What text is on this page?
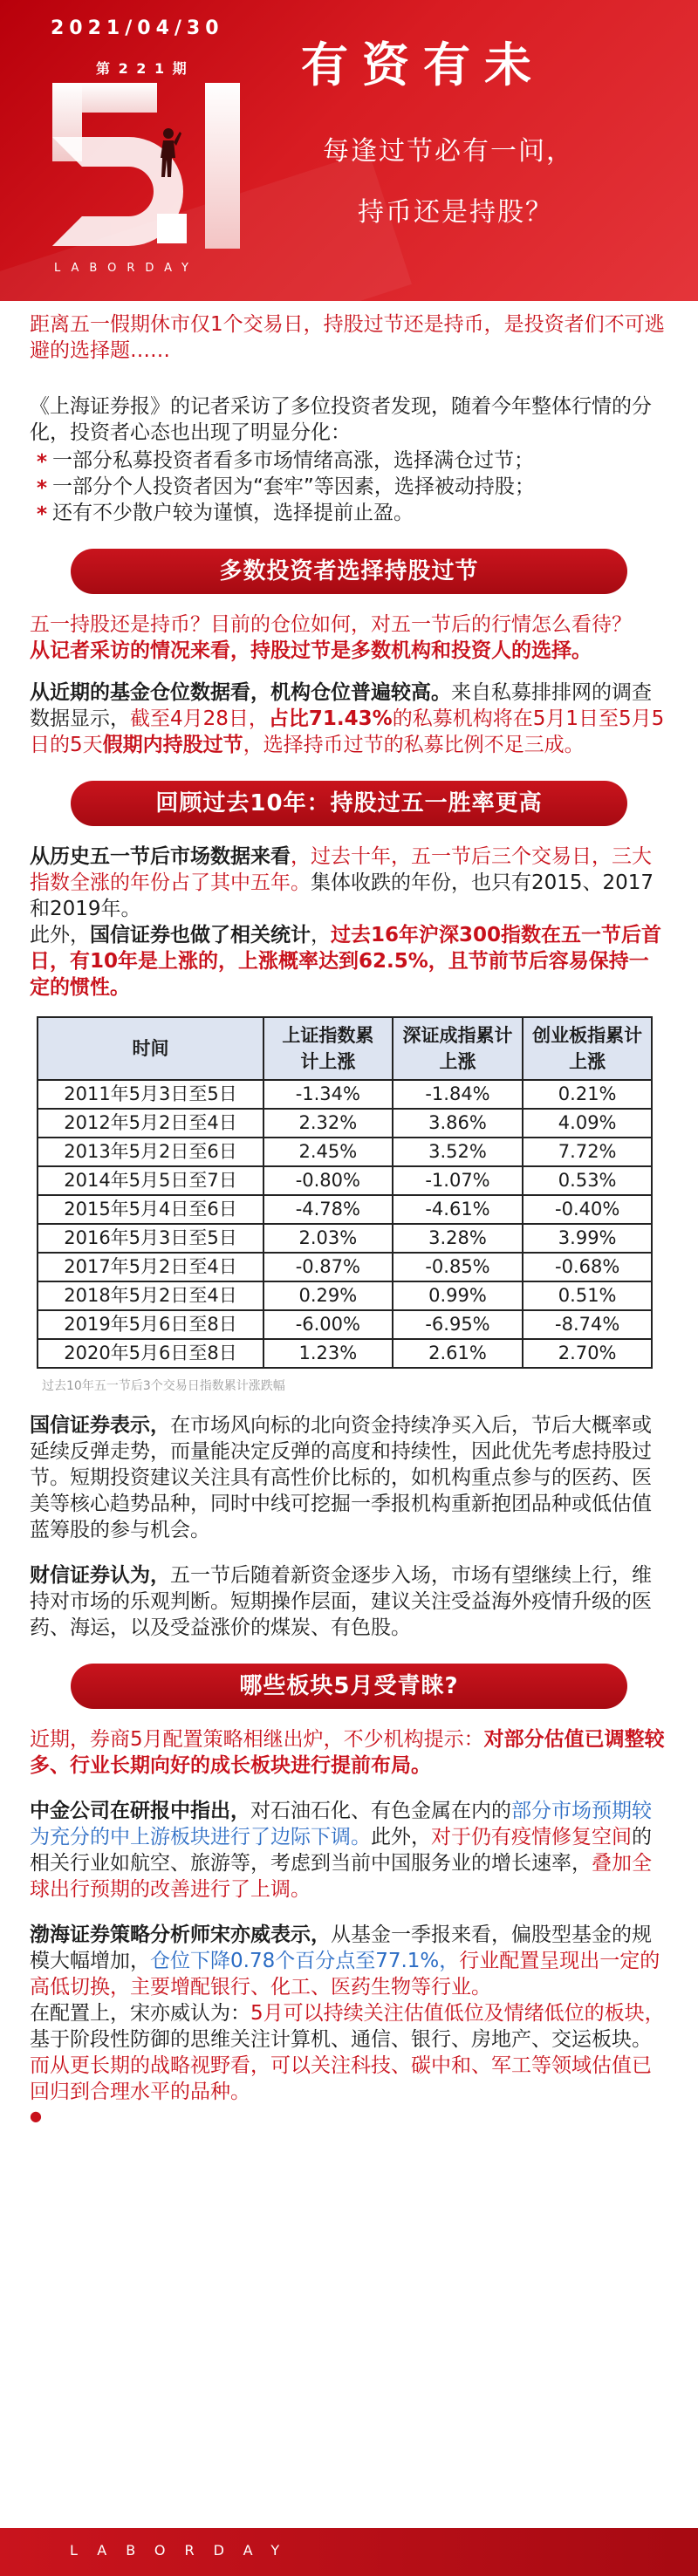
2021/04/30
第 2 2 1 期
LABORDAY
有资有未
每逢过节必有一问，
持币还是持股？

距离五一假期休市仅1个交易日，持股过节还是持币，是投资者们不可逃避的选择题……

《上海证券报》的记者采访了多位投资者发现，随着今年整体行情的分化，投资者心态也出现了明显分化：

* 一部分私募投资者看多市场情绪高涨，选择满仓过节；
* 一部分个人投资者因为“套牢”等因素，选择被动持股；
* 还有不少散户较为谨慎，选择提前止盈。
多数投资者选择持股过节

五一持股还是持币？目前的仓位如何，对五一节后的行情怎么看待？

从记者采访的情况来看，持股过节是多数机构和投资人的选择。

从近期的基金仓位数据看，机构仓位普遍较高。来自私募排排网的调查数据显示，截至4月28日，占比71.43%的私募机构将在5月1日至5月5日的5天假期内持股过节，选择持币过节的私募比例不足三成。

回顾过去10年：持股过五一胜率更高

从历史五一节后市场数据来看，过去十年，五一节后三个交易日，三大指数全涨的年份占了其中五年。集体收跌的年份，也只有2015、2017和2019年。

此外，国信证券也做了相关统计，过去16年沪深300指数在五一节后首日，有10年是上涨的，上涨概率达到62.5%，且节前节后容易保持一定的惯性。

时间	上证指数累计上涨	深证成指累计上涨	创业板指累计上涨
2011年5月3日至5日	-1.34%	-1.84%	0.21%
2012年5月2日至4日	2.32%	3.86%	4.09%
2013年5月2日至6日	2.45%	3.52%	7.72%
2014年5月5日至7日	-0.80%	-1.07%	0.53%
2015年5月4日至6日	-4.78%	-4.61%	-0.40%
2016年5月3日至5日	2.03%	3.28%	3.99%
2017年5月2日至4日	-0.87%	-0.85%	-0.68%
2018年5月2日至4日	0.29%	0.99%	0.51%
2019年5月6日至8日	-6.00%	-6.95%	-8.74%
2020年5月6日至8日	1.23%	2.61%	2.70%
过去10年五一节后3个交易日指数累计涨跌幅

国信证券表示，在市场风向标的北向资金持续净买入后，节后大概率或延续反弹走势，而量能决定反弹的高度和持续性，因此优先考虑持股过节。短期投资建议关注具有高性价比标的，如机构重点参与的医药、医美等核心趋势品种，同时中线可挖掘一季报机构重新抱团品种或低估值蓝筹股的参与机会。

财信证券认为，五一节后随着新资金逐步入场，市场有望继续上行，维持对市场的乐观判断。短期操作层面，建议关注受益海外疫情升级的医药、海运，以及受益涨价的煤炭、有色股。

哪些板块5月受青睐?

近期，券商5月配置策略相继出炉，不少机构提示：对部分估值已调整较多、行业长期向好的成长板块进行提前布局。

中金公司在研报中指出，对石油石化、有色金属在内的部分市场预期较为充分的中上游板块进行了边际下调。此外，对于仍有疫情修复空间的相关行业如航空、旅游等，考虑到当前中国服务业的增长速率，叠加全球出行预期的改善进行了上调。

渤海证券策略分析师宋亦威表示，从基金一季报来看，偏股型基金的规模大幅增加，仓位下降0.78个百分点至77.1%，行业配置呈现出一定的高低切换，主要增配银行、化工、医药生物等行业。

在配置上，宋亦威认为：5月可以持续关注估值低位及情绪低位的板块，基于阶段性防御的思维关注计算机、通信、银行、房地产、交运板块。而从更长期的战略视野看，可以关注科技、碳中和、军工等领域估值已回归到合理水平的品种。

●

LABORDAY
